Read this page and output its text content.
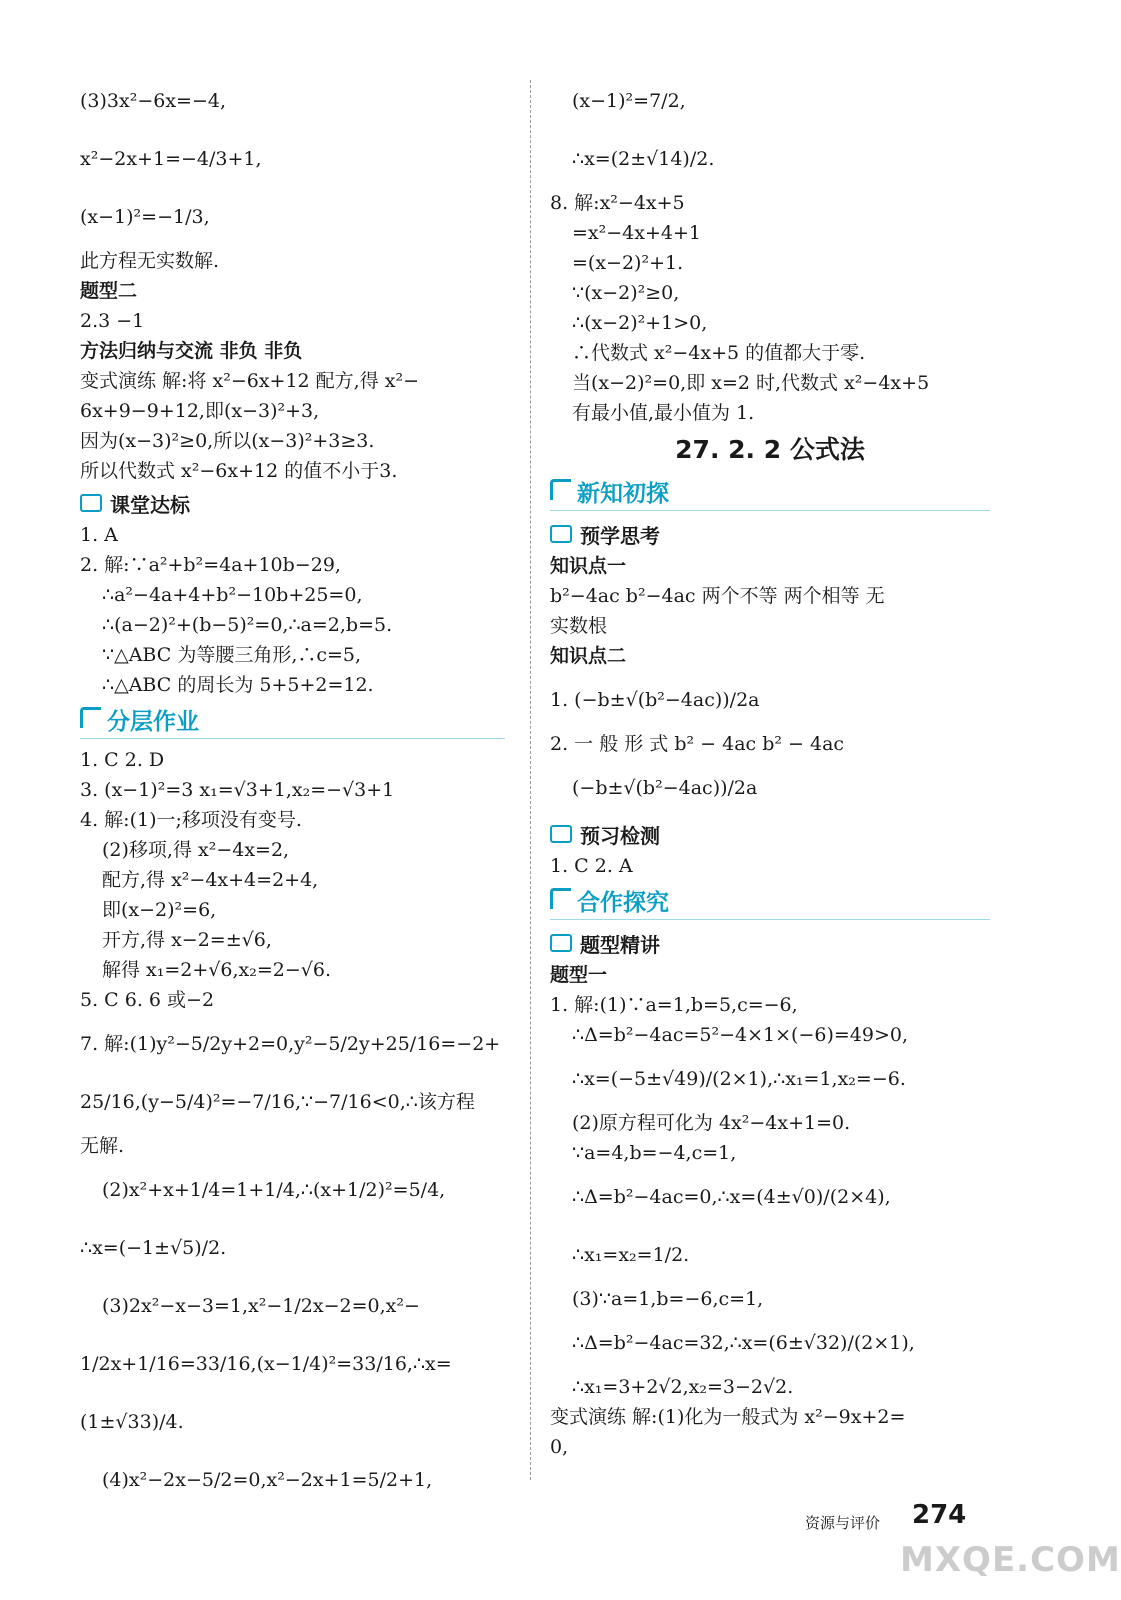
(3)3x²−6x=−4,

x²−2x+1=−4/3+1,

(x−1)²=−1/3,

此方程无实数解.

题型二

2.3 −1

方法归纳与交流 非负 非负

变式演练 解:将 x²−6x+12 配方,得 x²−

6x+9−9+12,即(x−3)²+3,

因为(x−3)²≥0,所以(x−3)²+3≥3.

所以代数式 x²−6x+12 的值不小于3.

课堂达标

1. A

2. 解:∵a²+b²=4a+10b−29,

∴a²−4a+4+b²−10b+25=0,

∴(a−2)²+(b−5)²=0,∴a=2,b=5.

∵△ABC 为等腰三角形,∴c=5,

∴△ABC 的周长为 5+5+2=12.

分层作业

1. C 2. D

3. (x−1)²=3 x₁=√3+1,x₂=−√3+1

4. 解:(1)一;移项没有变号.

(2)移项,得 x²−4x=2,

配方,得 x²−4x+4=2+4,

即(x−2)²=6,

开方,得 x−2=±√6,

解得 x₁=2+√6,x₂=2−√6.

5. C 6. 6 或−2

7. 解:(1)y²−5/2y+2=0,y²−5/2y+25/16=−2+

25/16,(y−5/4)²=−7/16,∵−7/16<0,∴该方程

无解.

(2)x²+x+1/4=1+1/4,∴(x+1/2)²=5/4,

∴x=(−1±√5)/2.

(3)2x²−x−3=1,x²−1/2x−2=0,x²−

1/2x+1/16=33/16,(x−1/4)²=33/16,∴x=

(1±√33)/4.

(4)x²−2x−5/2=0,x²−2x+1=5/2+1,

(x−1)²=7/2,

∴x=(2±√14)/2.

8. 解:x²−4x+5

=x²−4x+4+1

=(x−2)²+1.

∵(x−2)²≥0,

∴(x−2)²+1>0,

∴代数式 x²−4x+5 的值都大于零.

当(x−2)²=0,即 x=2 时,代数式 x²−4x+5

有最小值,最小值为 1.

27. 2. 2 公式法
新知初探
预学思考

知识点一

b²−4ac b²−4ac 两个不等 两个相等 无

实数根

知识点二

1. (−b±√(b²−4ac))/2a

2. 一 般 形 式 b² − 4ac b² − 4ac

(−b±√(b²−4ac))/2a

预习检测

1. C 2. A

合作探究
题型精讲

题型一

1. 解:(1)∵a=1,b=5,c=−6,

∴Δ=b²−4ac=5²−4×1×(−6)=49>0,

∴x=(−5±√49)/(2×1),∴x₁=1,x₂=−6.

(2)原方程可化为 4x²−4x+1=0.

∵a=4,b=−4,c=1,

∴Δ=b²−4ac=0,∴x=(4±√0)/(2×4),

∴x₁=x₂=1/2.

(3)∵a=1,b=−6,c=1,

∴Δ=b²−4ac=32,∴x=(6±√32)/(2×1),

∴x₁=3+2√2,x₂=3−2√2.

变式演练 解:(1)化为一般式为 x²−9x+2=

0,

资源与评价 274
MXQE.COM
